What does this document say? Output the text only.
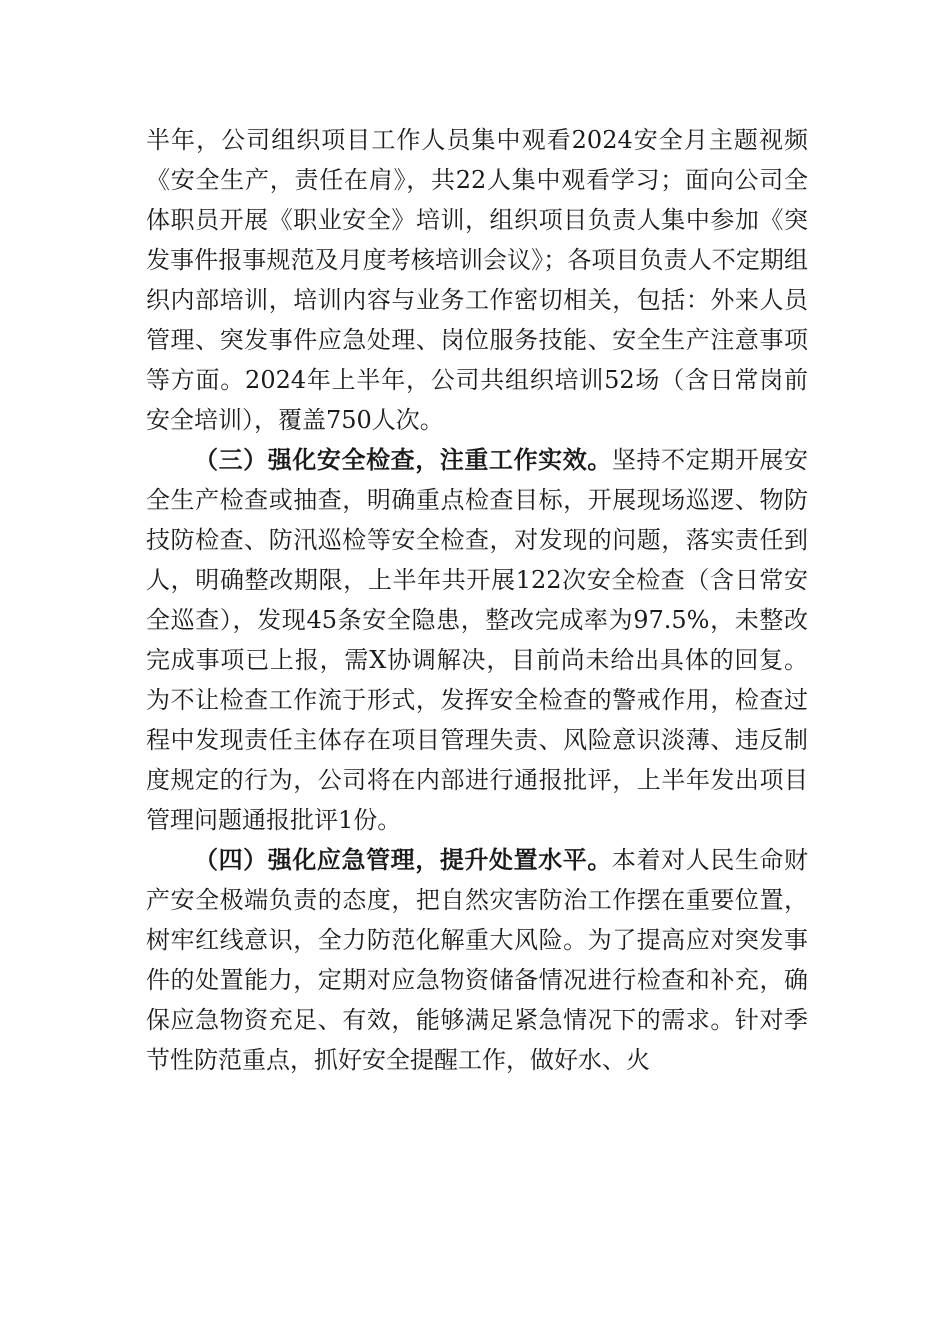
半年，公司组织项目工作人员集中观看2024安全月主题视频《安全生产，责任在肩》，共22人集中观看学习；面向公司全体职员开展《职业安全》培训，组织项目负责人集中参加《突发事件报事规范及月度考核培训会议》；各项目负责人不定期组织内部培训，培训内容与业务工作密切相关，包括：外来人员管理、突发事件应急处理、岗位服务技能、安全生产注意事项等方面。2024年上半年，公司共组织培训52场（含日常岗前安全培训），覆盖750人次。

（三）强化安全检查，注重工作实效。坚持不定期开展安全生产检查或抽查，明确重点检查目标，开展现场巡逻、物防技防检查、防汛巡检等安全检查，对发现的问题，落实责任到人，明确整改期限，上半年共开展122次安全检查（含日常安全巡查），发现45条安全隐患，整改完成率为97.5%，未整改完成事项已上报，需X协调解决，目前尚未给出具体的回复。为不让检查工作流于形式，发挥安全检查的警戒作用，检查过程中发现责任主体存在项目管理失责、风险意识淡薄、违反制度规定的行为，公司将在内部进行通报批评，上半年发出项目管理问题通报批评1份。

（四）强化应急管理，提升处置水平。本着对人民生命财产安全极端负责的态度，把自然灾害防治工作摆在重要位置，树牢红线意识，全力防范化解重大风险。为了提高应对突发事件的处置能力，定期对应急物资储备情况进行检查和补充，确保应急物资充足、有效，能够满足紧急情况下的需求。针对季节性防范重点，抓好安全提醒工作，做好水、火
